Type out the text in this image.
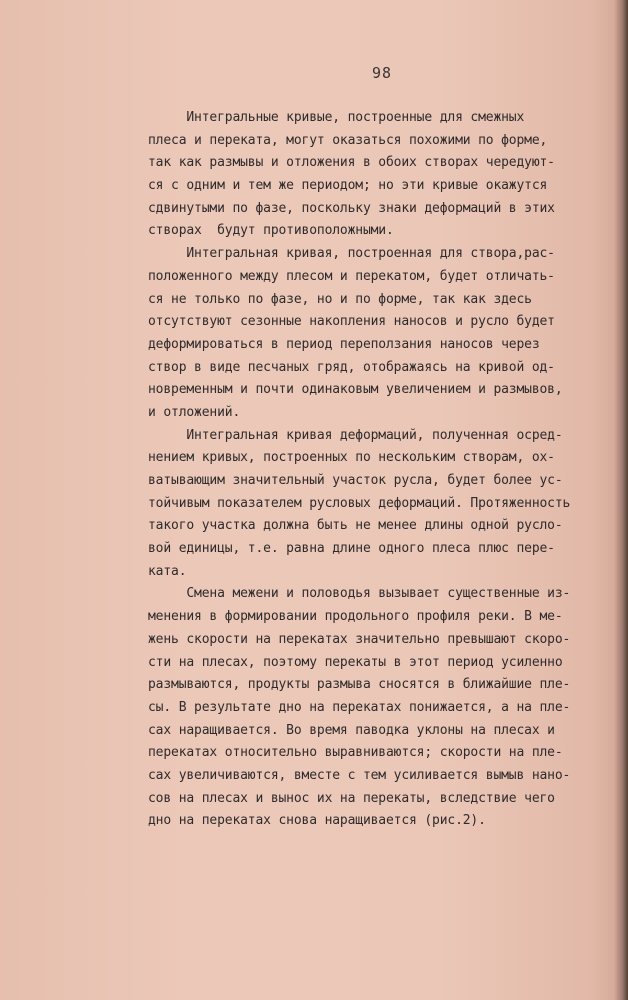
98
Интегральные кривые, построенные для смежных
плеса и переката, могут оказаться похожими по форме,
так как размывы и отложения в обоих створах чередуют-
ся с одним и тем же периодом; но эти кривые окажутся
сдвинутыми по фазе, поскольку знаки деформаций в этих
створах  будут противоположными.
Интегральная кривая, построенная для створа,рас-
положенного между плесом и перекатом, будет отличать-
ся не только по фазе, но и по форме, так как здесь
отсутствуют сезонные накопления наносов и русло будет
деформироваться в период переползания наносов через
створ в виде песчаных гряд, отображаясь на кривой од-
новременным и почти одинаковым увеличением и размывов,
и отложений.
Интегральная кривая деформаций, полученная осред-
нением кривых, построенных по нескольким створам, ох-
ватывающим значительный участок русла, будет более ус-
тойчивым показателем русловых деформаций. Протяженность
такого участка должна быть не менее длины одной русло-
вой единицы, т.е. равна длине одного плеса плюс пере-
ката.
Смена межени и половодья вызывает существенные из-
менения в формировании продольного профиля реки. В ме-
жень скорости на перекатах значительно превышают скоро-
сти на плесах, поэтому перекаты в этот период усиленно
размываются, продукты размыва сносятся в ближайшие пле-
сы. В результате дно на перекатах понижается, а на пле-
сах наращивается. Во время паводка уклоны на плесах и
перекатах относительно выравниваются; скорости на пле-
сах увеличиваются, вместе с тем усиливается вымыв нано-
сов на плесах и вынос их на перекаты, вследствие чего
дно на перекатах снова наращивается (рис.2).
